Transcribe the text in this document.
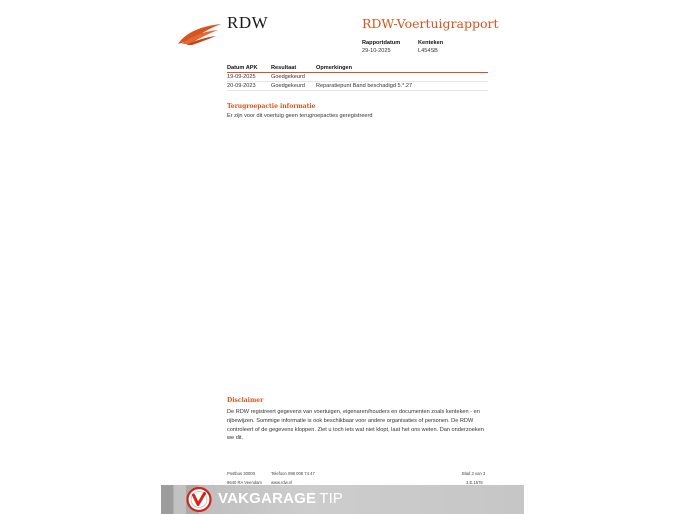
RDW	RDW-Voertuigrapport
Rapportdatum
29-10-2025
Kenteken
L454SB
Datum APK	Resultaat	Opmerkingen
19-09-2025	Goedgekeurd
20-09-2023	Goedgekeurd	Reparatiepunt Band beschadigd 5.*.27
Terugroepactie informatie
Er zijn voor dit voertuig geen terugroepacties geregistreerd
Disclaimer
De RDW registreert gegevens van voertuigen, eigenaren/houders en documenten zoals kenteken - en rijbewijzen. Sommige informatie is ook beschikbaar voor andere organisaties of personen. De RDW controleert of de gegevens kloppen. Ziet u toch iets wat niet klopt, laat het ons weten. Dan onderzoeken we dit.
Postbus 30000	Telefoon 088 008 74 47	Blad 3 van 3
9640 RA Veendam www.rdw.nl	3.E.1678
VAKGARAGE TIP
